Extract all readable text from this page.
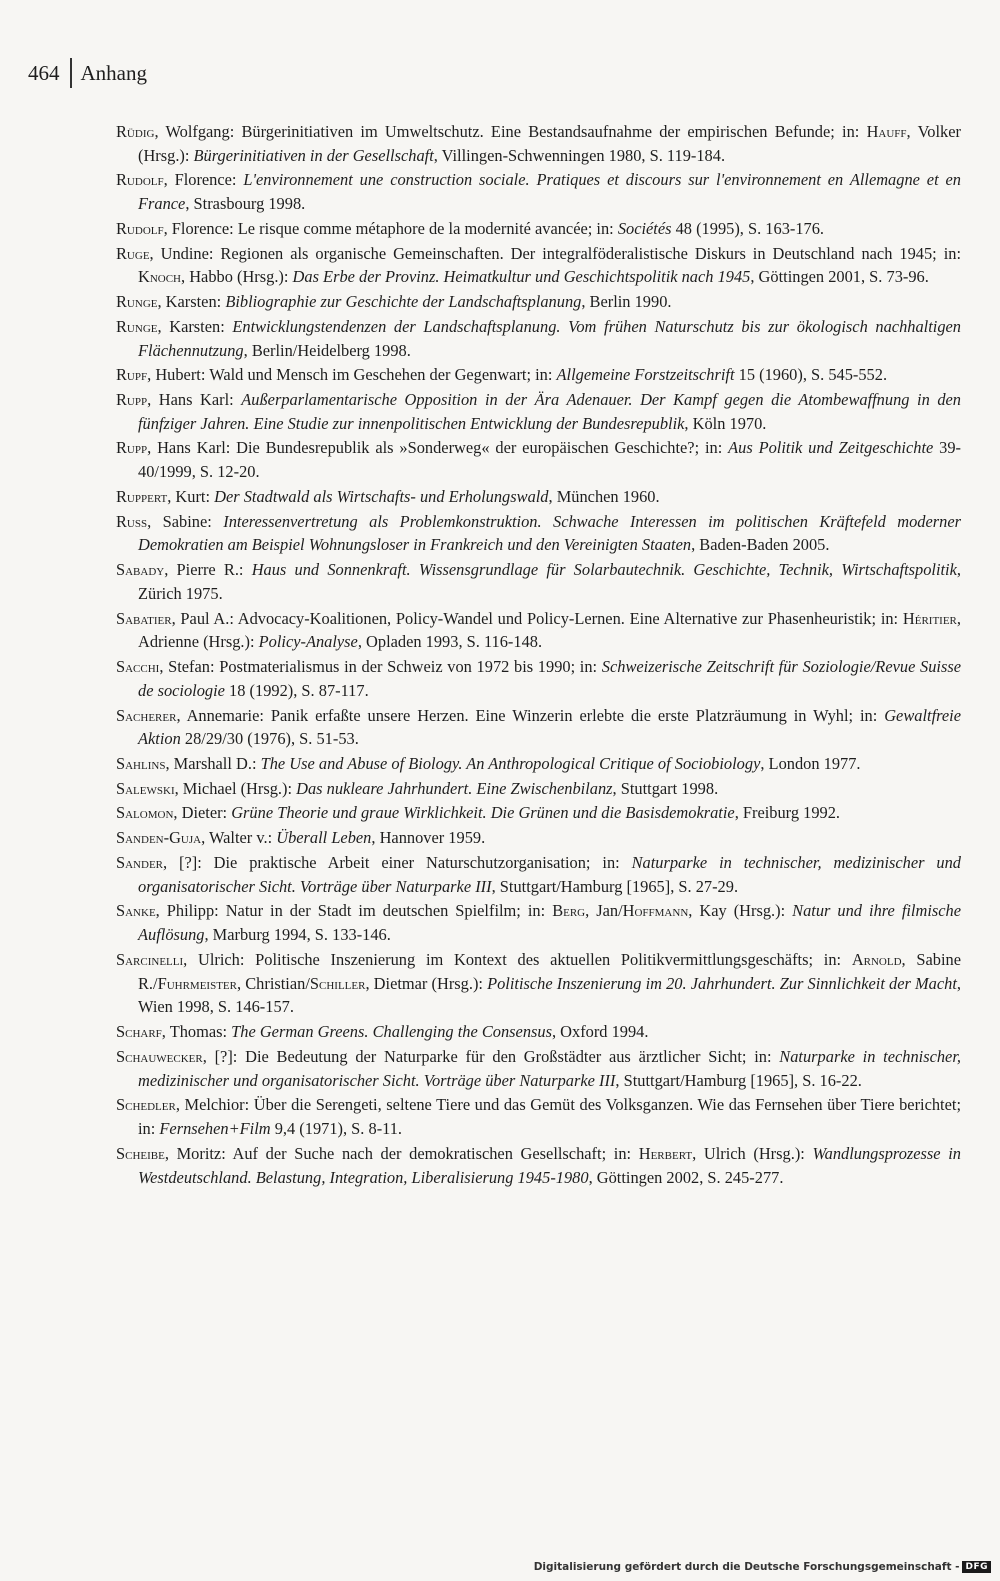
464 Anhang

Rüdig, Wolfgang: Bürgerinitiativen im Umweltschutz. Eine Bestandsaufnahme der empirischen Befunde; in: Hauff, Volker (Hrsg.): Bürgerinitiativen in der Gesellschaft, Villingen-Schwenningen 1980, S. 119-184.

Rudolf, Florence: L'environnement une construction sociale. Pratiques et discours sur l'environnement en Allemagne et en France, Strasbourg 1998.

Rudolf, Florence: Le risque comme métaphore de la modernité avancée; in: Sociétés 48 (1995), S. 163-176.

Ruge, Undine: Regionen als organische Gemeinschaften. Der integralföderalistische Diskurs in Deutschland nach 1945; in: Knoch, Habbo (Hrsg.): Das Erbe der Provinz. Heimatkultur und Geschichtspolitik nach 1945, Göttingen 2001, S. 73-96.

Runge, Karsten: Bibliographie zur Geschichte der Landschaftsplanung, Berlin 1990.

Runge, Karsten: Entwicklungstendenzen der Landschaftsplanung. Vom frühen Naturschutz bis zur ökologisch nachhaltigen Flächennutzung, Berlin/Heidelberg 1998.

Rupf, Hubert: Wald und Mensch im Geschehen der Gegenwart; in: Allgemeine Forstzeitschrift 15 (1960), S. 545-552.

Rupp, Hans Karl: Außerparlamentarische Opposition in der Ära Adenauer. Der Kampf gegen die Atombewaffnung in den fünfziger Jahren. Eine Studie zur innenpolitischen Entwicklung der Bundesrepublik, Köln 1970.

Rupp, Hans Karl: Die Bundesrepublik als »Sonderweg« der europäischen Geschichte?; in: Aus Politik und Zeitgeschichte 39-40/1999, S. 12-20.

Ruppert, Kurt: Der Stadtwald als Wirtschafts- und Erholungswald, München 1960.

Russ, Sabine: Interessenvertretung als Problemkonstruktion. Schwache Interessen im politischen Kräftefeld moderner Demokratien am Beispiel Wohnungsloser in Frankreich und den Vereinigten Staaten, Baden-Baden 2005.

Sabady, Pierre R.: Haus und Sonnenkraft. Wissensgrundlage für Solarbautechnik. Geschichte, Technik, Wirtschaftspolitik, Zürich 1975.

Sabatier, Paul A.: Advocacy-Koalitionen, Policy-Wandel und Policy-Lernen. Eine Alternative zur Phasenheuristik; in: Héritier, Adrienne (Hrsg.): Policy-Analyse, Opladen 1993, S. 116-148.

Sacchi, Stefan: Postmaterialismus in der Schweiz von 1972 bis 1990; in: Schweizerische Zeitschrift für Soziologie/Revue Suisse de sociologie 18 (1992), S. 87-117.

Sacherer, Annemarie: Panik erfaßte unsere Herzen. Eine Winzerin erlebte die erste Platzräumung in Wyhl; in: Gewaltfreie Aktion 28/29/30 (1976), S. 51-53.

Sahlins, Marshall D.: The Use and Abuse of Biology. An Anthropological Critique of Sociobiology, London 1977.

Salewski, Michael (Hrsg.): Das nukleare Jahrhundert. Eine Zwischenbilanz, Stuttgart 1998.

Salomon, Dieter: Grüne Theorie und graue Wirklichkeit. Die Grünen und die Basisdemokratie, Freiburg 1992.

Sanden-Guja, Walter v.: Überall Leben, Hannover 1959.

Sander, [?]: Die praktische Arbeit einer Naturschutzorganisation; in: Naturparke in technischer, medizinischer und organisatorischer Sicht. Vorträge über Naturparke III, Stuttgart/Hamburg [1965], S. 27-29.

Sanke, Philipp: Natur in der Stadt im deutschen Spielfilm; in: Berg, Jan/Hoffmann, Kay (Hrsg.): Natur und ihre filmische Auflösung, Marburg 1994, S. 133-146.

Sarcinelli, Ulrich: Politische Inszenierung im Kontext des aktuellen Politikvermittlungsgeschäfts; in: Arnold, Sabine R./Fuhrmeister, Christian/Schiller, Dietmar (Hrsg.): Politische Inszenierung im 20. Jahrhundert. Zur Sinnlichkeit der Macht, Wien 1998, S. 146-157.

Scharf, Thomas: The German Greens. Challenging the Consensus, Oxford 1994.

Schauwecker, [?]: Die Bedeutung der Naturparke für den Großstädter aus ärztlicher Sicht; in: Naturparke in technischer, medizinischer und organisatorischer Sicht. Vorträge über Naturparke III, Stuttgart/Hamburg [1965], S. 16-22.

Schedler, Melchior: Über die Serengeti, seltene Tiere und das Gemüt des Volksganzen. Wie das Fernsehen über Tiere berichtet; in: Fernsehen+Film 9,4 (1971), S. 8-11.

Scheibe, Moritz: Auf der Suche nach der demokratischen Gesellschaft; in: Herbert, Ulrich (Hrsg.): Wandlungsprozesse in Westdeutschland. Belastung, Integration, Liberalisierung 1945-1980, Göttingen 2002, S. 245-277.

Digitalisierung gefördert durch die Deutsche Forschungsgemeinschaft - DFG
